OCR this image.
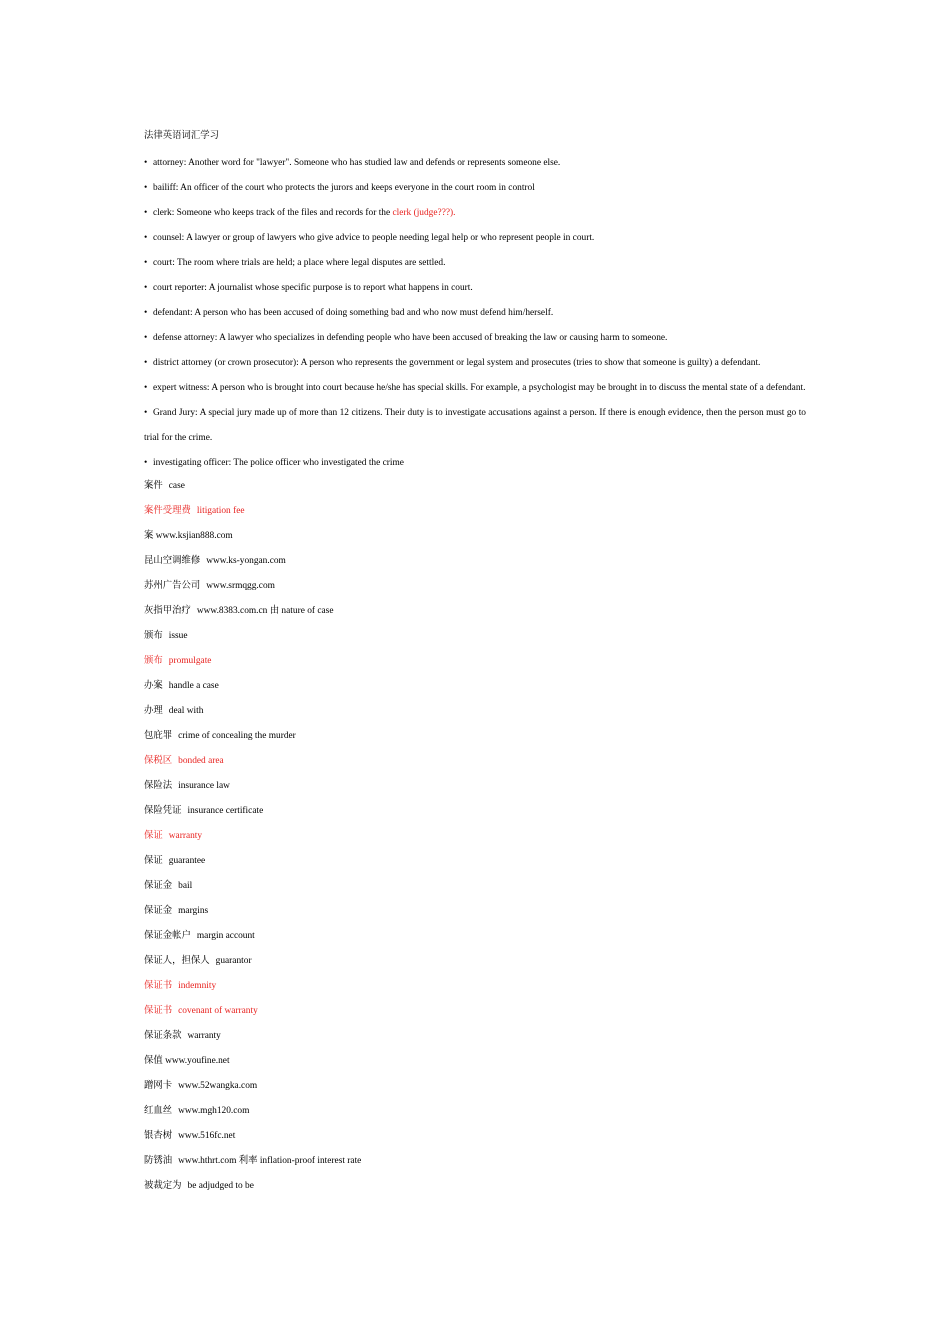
法律英语词汇学习
• attorney: Another word for "lawyer". Someone who has studied law and defends or represents someone else.
• bailiff: An officer of the court who protects the jurors and keeps everyone in the court room in control
• clerk: Someone who keeps track of the files and records for the clerk (judge???).
• counsel: A lawyer or group of lawyers who give advice to people needing legal help or who represent people in court.
• court: The room where trials are held; a place where legal disputes are settled.
• court reporter: A journalist whose specific purpose is to report what happens in court.
• defendant: A person who has been accused of doing something bad and who now must defend him/herself.
• defense attorney: A lawyer who specializes in defending people who have been accused of breaking the law or causing harm to someone.
• district attorney (or crown prosecutor): A person who represents the government or legal system and prosecutes (tries to show that someone is guilty) a defendant.
• expert witness: A person who is brought into court because he/she has special skills. For example, a psychologist may be brought in to discuss the mental state of a defendant.
• Grand Jury: A special jury made up of more than 12 citizens. Their duty is to investigate accusations against a person. If there is enough evidence, then the person must go to trial for the crime.
• investigating officer: The police officer who investigated the crime
案件 case
案件受理费 litigation fee
案 www.ksjian888.com
昆山空调维修 www.ks-yongan.com
苏州广告公司 www.srmqgg.com
灰指甲治疗 www.8383.com.cn 由 nature of case
颁布 issue
颁布 promulgate
办案 handle a case
办理 deal with
包庇罪 crime of concealing the murder
保税区 bonded area
保险法 insurance law
保险凭证 insurance certificate
保证 warranty
保证 guarantee
保证金 bail
保证金 margins
保证金帐户 margin account
保证人，担保人 guarantor
保证书 indemnity
保证书 covenant of warranty
保证条款 warranty
保值 www.youfine.net
蹭网卡 www.52wangka.com
红血丝 www.mgh120.com
银杏树 www.516fc.net
防锈油 www.hthrt.com 利率 inflation-proof interest rate
被裁定为 be adjudged to be
